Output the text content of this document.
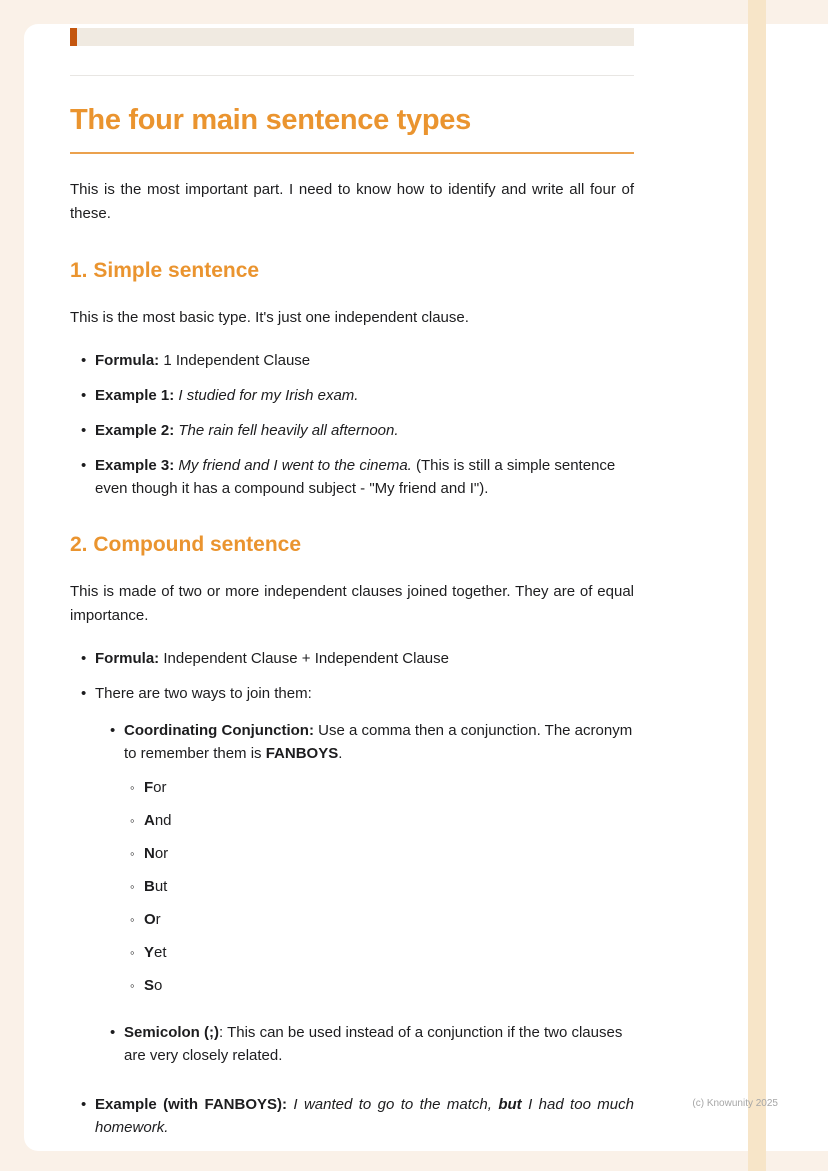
The four main sentence types

This is the most important part. I need to know how to identify and write all four of these.

1. Simple sentence

This is the most basic type. It's just one independent clause.

• Formula: 1 Independent Clause
• Example 1: I studied for my Irish exam.
• Example 2: The rain fell heavily all afternoon.
• Example 3: My friend and I went to the cinema. (This is still a simple sentence even though it has a compound subject - "My friend and I").
2. Compound sentence

This is made of two or more independent clauses joined together. They are of equal importance.

• Formula: Independent Clause + Independent Clause
• There are two ways to join them:
• Coordinating Conjunction: Use a comma then a conjunction. The acronym to remember them is FANBOYS.
◦ For
◦ And
◦ Nor
◦ But
◦ Or
◦ Yet
◦ So
• Semicolon (;): This can be used instead of a conjunction if the two clauses are very closely related.
• Example (with FANBOYS): I wanted to go to the match, but I had too much homework.
(c) Knowunity 2025
